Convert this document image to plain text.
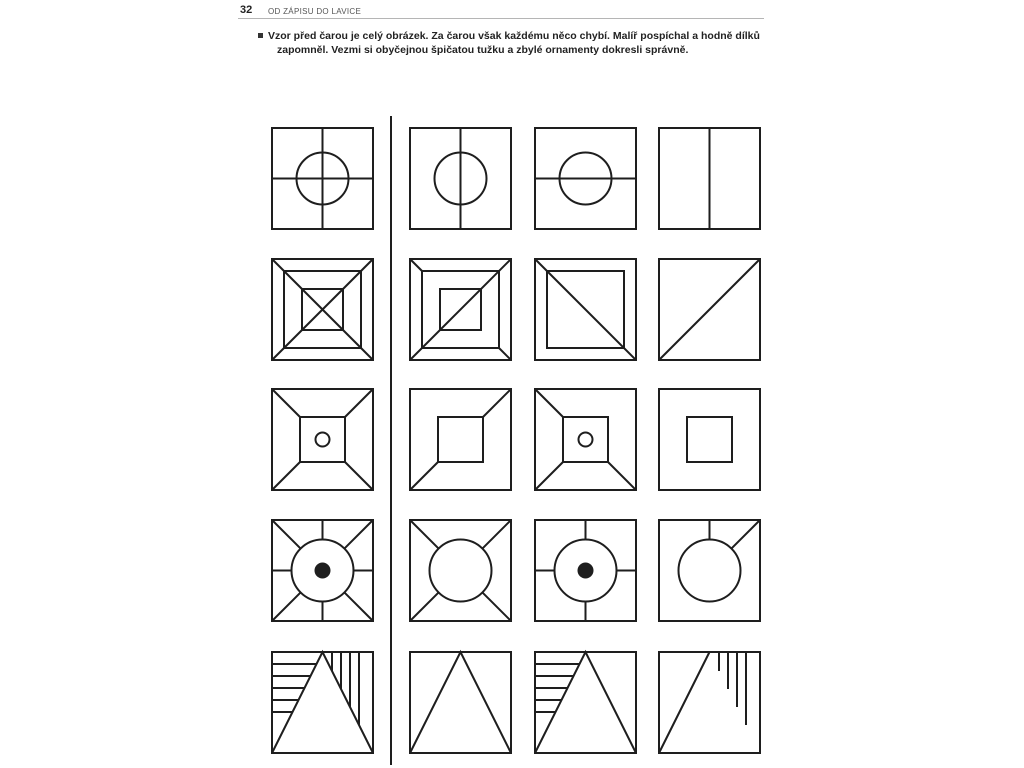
32 OD ZÁPISU DO LAVICE
Vzor před čarou je celý obrázek. Za čarou však každému něco chybí. Malíř pospíchal a hodně dílků
zapomněl. Vezmi si obyčejnou špičatou tužku a zbylé ornamenty dokresli správně.
